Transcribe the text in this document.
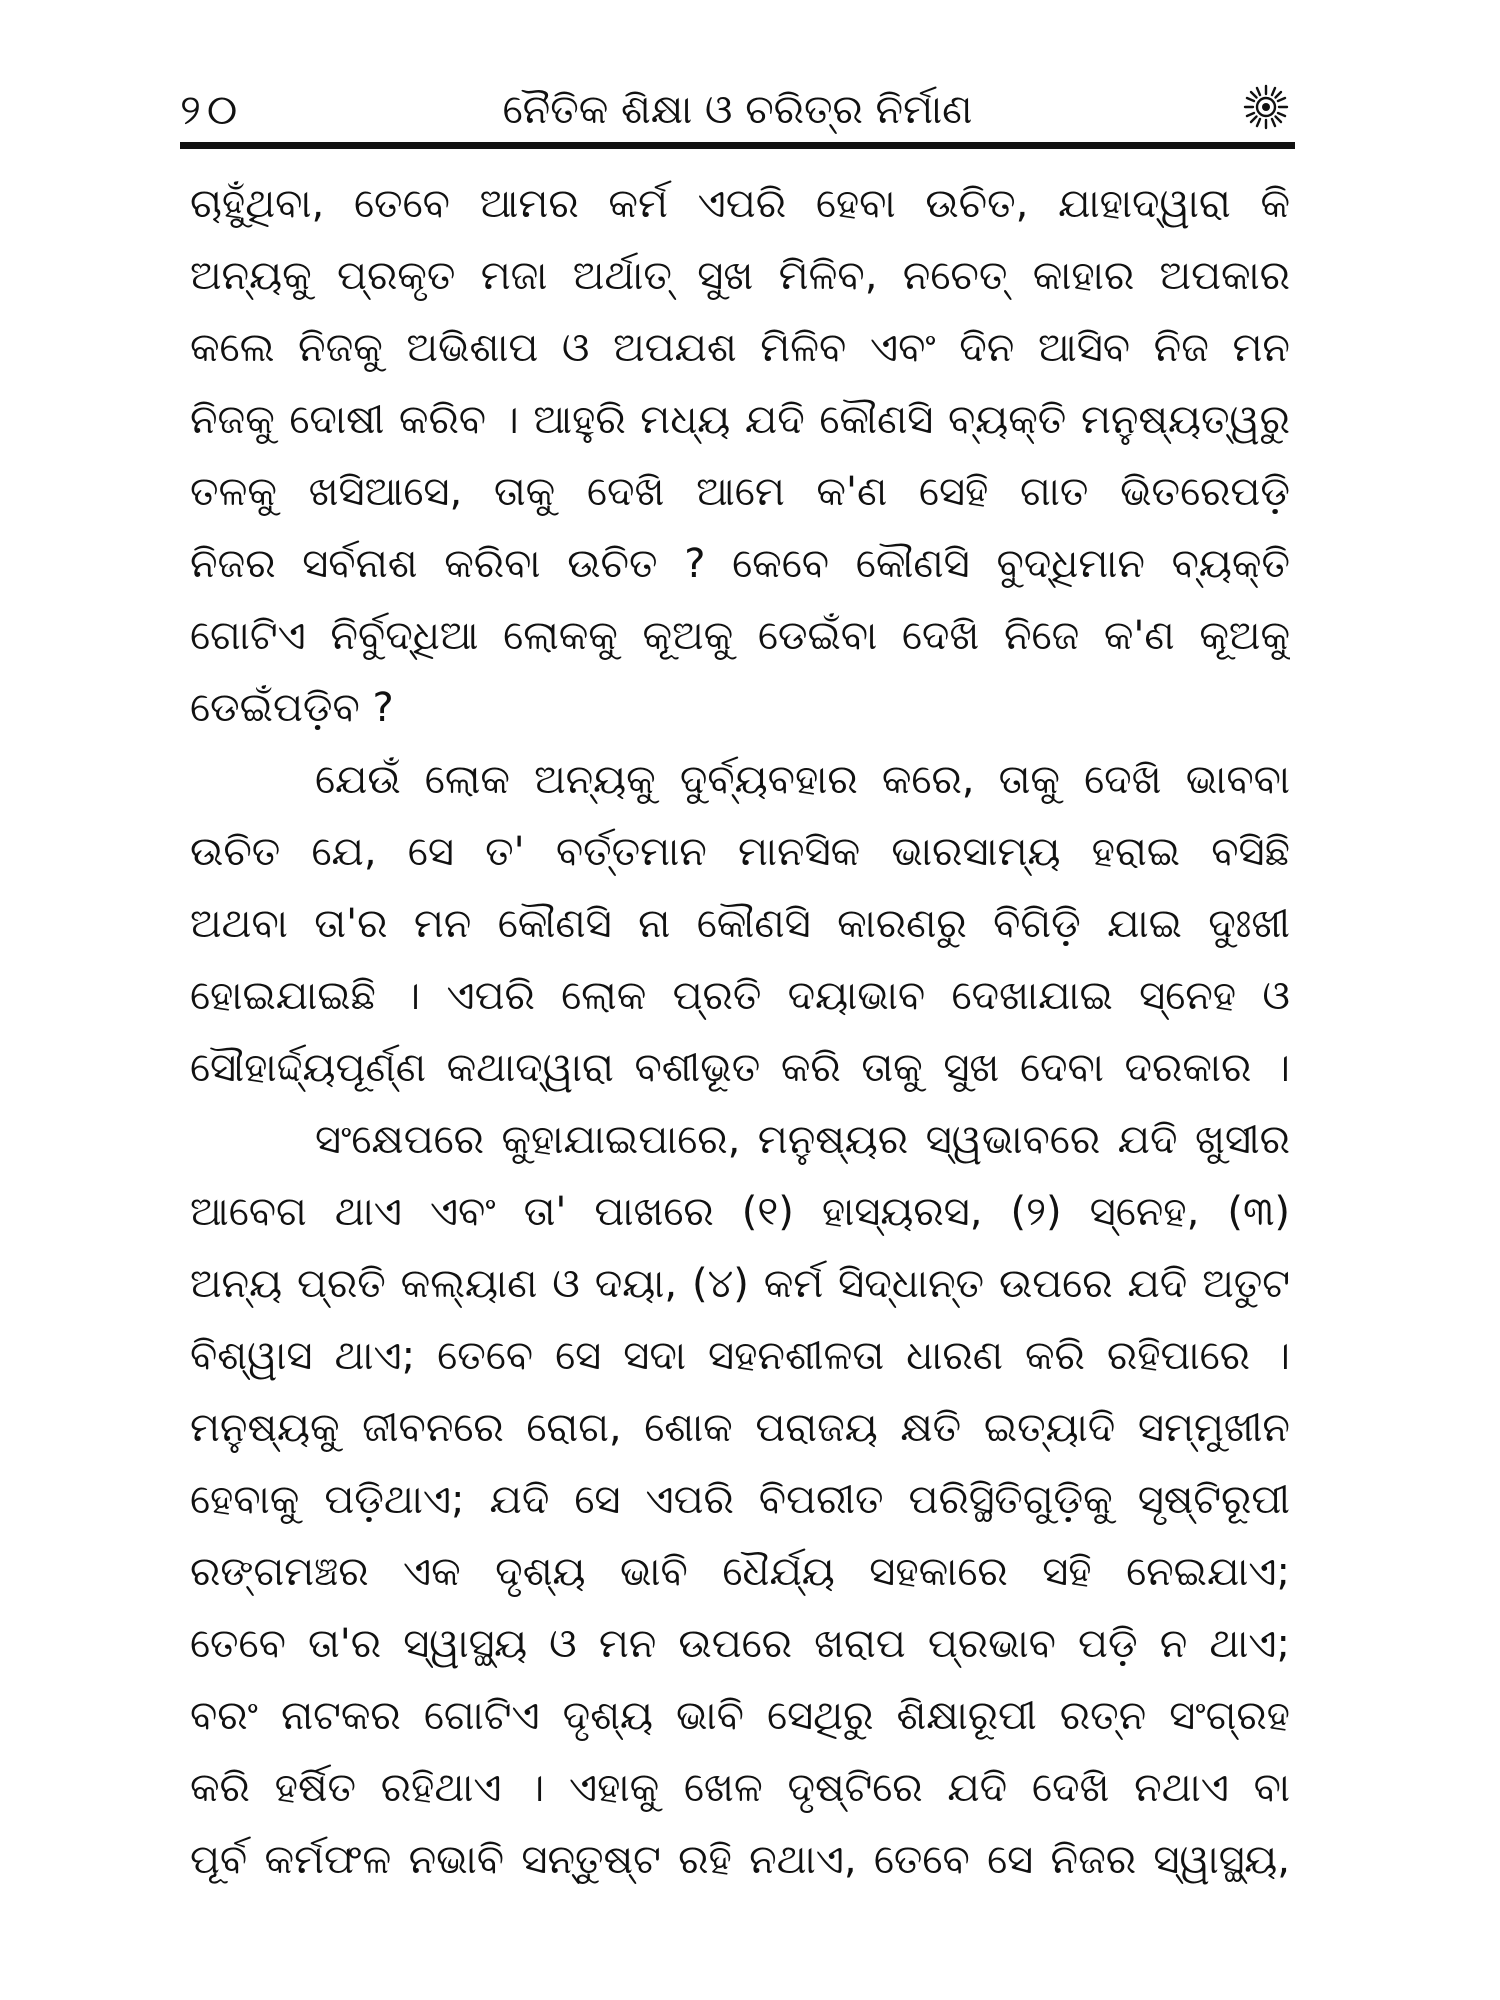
୨୦	ନୈତିକ ଶିକ୍ଷା ଓ ଚରିତ୍ର ନିର୍ମାଣ
ଚାହୁଁଥିବା, ତେବେ ଆମର କର୍ମ ଏପରି ହେବା ଉଚିତ, ଯାହାଦ୍ୱାରା କି
ଅନ୍ୟକୁ ପ୍ରକୃତ ମଜା ଅର୍ଥାତ୍ ସୁଖ ମିଳିବ, ନଚେତ୍ କାହାର ଅପକାର
କଲେ ନିଜକୁ ଅଭିଶାପ ଓ ଅପଯଶ ମିଳିବ ଏବଂ ଦିନ ଆସିବ ନିଜ ମନ
ନିଜକୁ ଦୋଷୀ କରିବ । ଆହୁରି ମଧ୍ୟ ଯଦି କୌଣସି ବ୍ୟକ୍ତି ମନୁଷ୍ୟତ୍ୱରୁ
ତଳକୁ ଖସିଆସେ, ତାକୁ ଦେଖି ଆମେ କ'ଣ ସେହି ଗାତ ଭିତରେପଡ଼ି
ନିଜର ସର୍ବନାଶ କରିବା ଉଚିତ ? କେବେ କୌଣସି ବୁଦ୍ଧିମାନ ବ୍ୟକ୍ତି
ଗୋଟିଏ ନିର୍ବୁଦ୍ଧିଆ ଲୋକକୁ କୂଅକୁ ଡେଇଁବା ଦେଖି ନିଜେ କ'ଣ କୂଅକୁ
ଡେଇଁପଡ଼ିବ ?
ଯେଉଁ ଲୋକ ଅନ୍ୟକୁ ଦୁର୍ବ୍ୟବହାର କରେ, ତାକୁ ଦେଖି ଭାବବା
ଉଚିତ ଯେ, ସେ ତ' ବର୍ତ୍ତମାନ ମାନସିକ ଭାରସାମ୍ୟ ହରାଇ ବସିଛି
ଅଥବା ତା'ର ମନ କୌଣସି ନା କୌଣସି କାରଣରୁ ବିଗିଡ଼ି ଯାଇ ଦୁଃଖୀ
ହୋଇଯାଇଛି । ଏପରି ଲୋକ ପ୍ରତି ଦୟାଭାବ ଦେଖାଯାଇ ସ୍ନେହ ଓ
ସୌହାର୍ଦ୍ଦ୍ୟପୂର୍ଣ୍ଣ କଥାଦ୍ୱାରା ବଶୀଭୂତ କରି ତାକୁ ସୁଖ ଦେବା ଦରକାର ।
ସଂକ୍ଷେପରେ କୁହାଯାଇପାରେ, ମନୁଷ୍ୟର ସ୍ୱଭାବରେ ଯଦି ଖୁସୀର
ଆବେଗ ଥାଏ ଏବଂ ତା' ପାଖରେ (୧) ହାସ୍ୟରସ, (୨) ସ୍ନେହ, (୩)
ଅନ୍ୟ ପ୍ରତି କଲ୍ୟାଣ ଓ ଦୟା, (୪) କର୍ମ ସିଦ୍ଧାନ୍ତ ଉପରେ ଯଦି ଅତୁଟ
ବିଶ୍ୱାସ ଥାଏ; ତେବେ ସେ ସଦା ସହନଶୀଳତା ଧାରଣ କରି ରହିପାରେ ।
ମନୁଷ୍ୟକୁ ଜୀବନରେ ରୋଗ, ଶୋକ ପରାଜୟ କ୍ଷତି ଇତ୍ୟାଦି ସମ୍ମୁଖୀନ
ହେବାକୁ ପଡ଼ିଥାଏ; ଯଦି ସେ ଏପରି ବିପରୀତ ପରିସ୍ଥିତିଗୁଡ଼ିକୁ ସୃଷ୍ଟିରୂପୀ
ରଙ୍ଗମଞ୍ଚର ଏକ ଦୃଶ୍ୟ ଭାବି ଧୈର୍ଯ୍ୟ ସହକାରେ ସହି ନେଇଯାଏ;
ତେବେ ତା'ର ସ୍ୱାସ୍ଥ୍ୟ ଓ ମନ ଉପରେ ଖରାପ ପ୍ରଭାବ ପଡ଼ି ନ ଥାଏ;
ବରଂ ନାଟକର ଗୋଟିଏ ଦୃଶ୍ୟ ଭାବି ସେଥିରୁ ଶିକ୍ଷାରୂପୀ ରତ୍ନ ସଂଗ୍ରହ
କରି ହର୍ଷିତ ରହିଥାଏ । ଏହାକୁ ଖେଳ ଦୃଷ୍ଟିରେ ଯଦି ଦେଖି ନଥାଏ ବା
ପୂର୍ବ କର୍ମଫଳ ନଭାବି ସନ୍ତୁଷ୍ଟ ରହି ନଥାଏ, ତେବେ ସେ ନିଜର ସ୍ୱାସ୍ଥ୍ୟ,
